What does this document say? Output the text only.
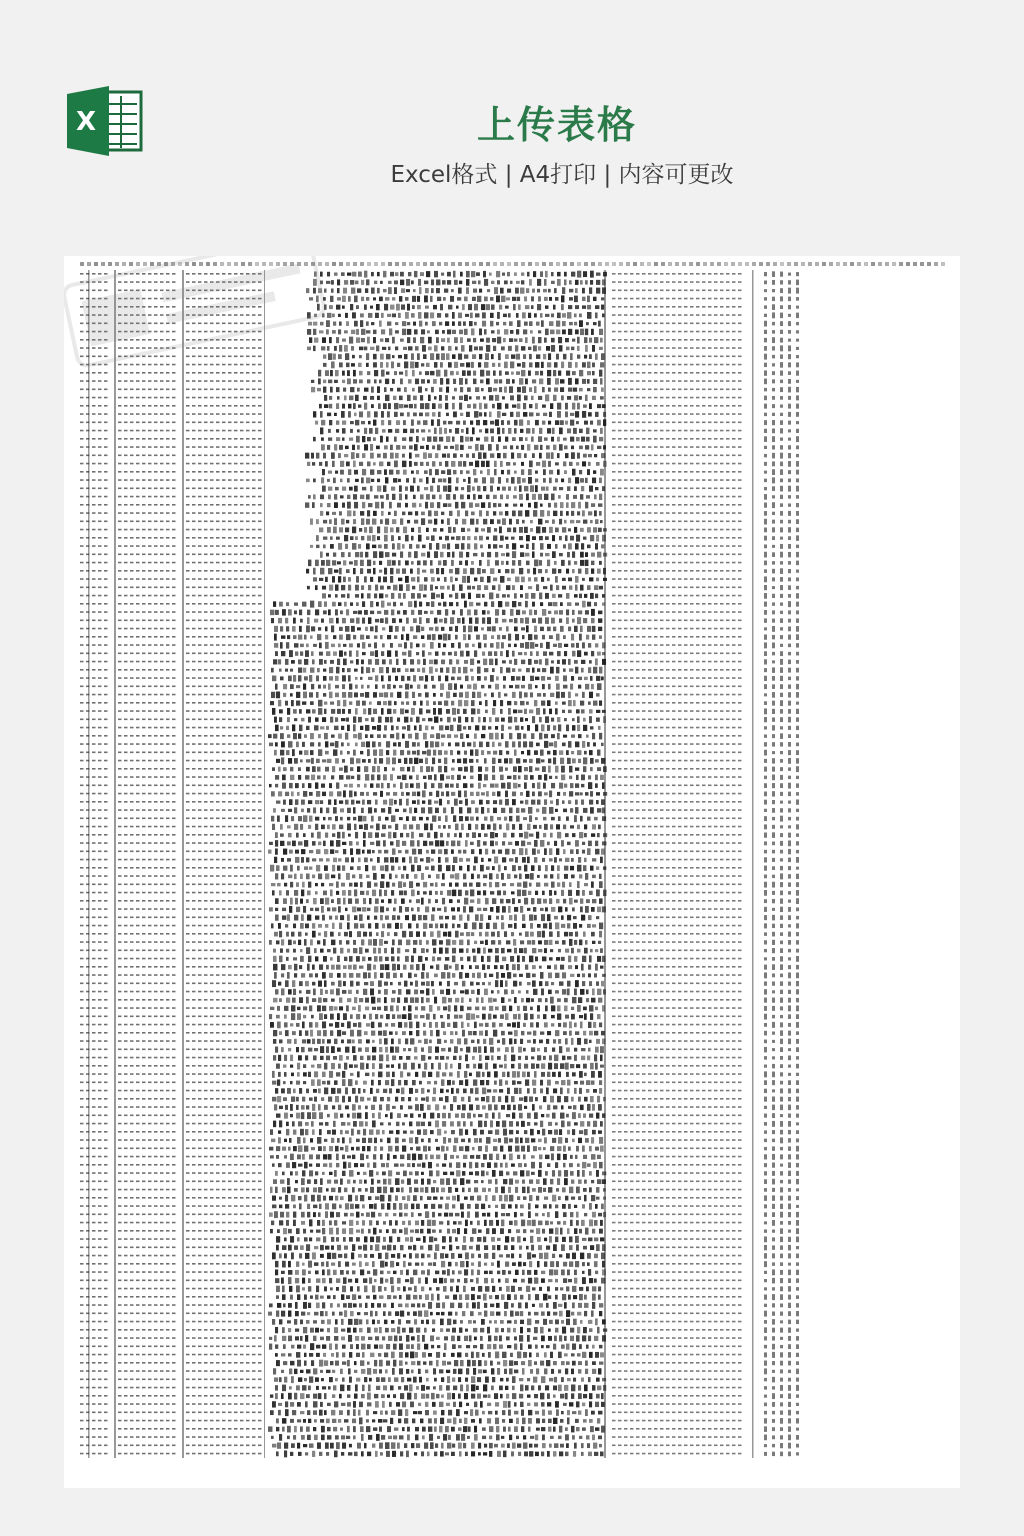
X	上传表格
Excel格式 | A4打印 | 内容可更改
